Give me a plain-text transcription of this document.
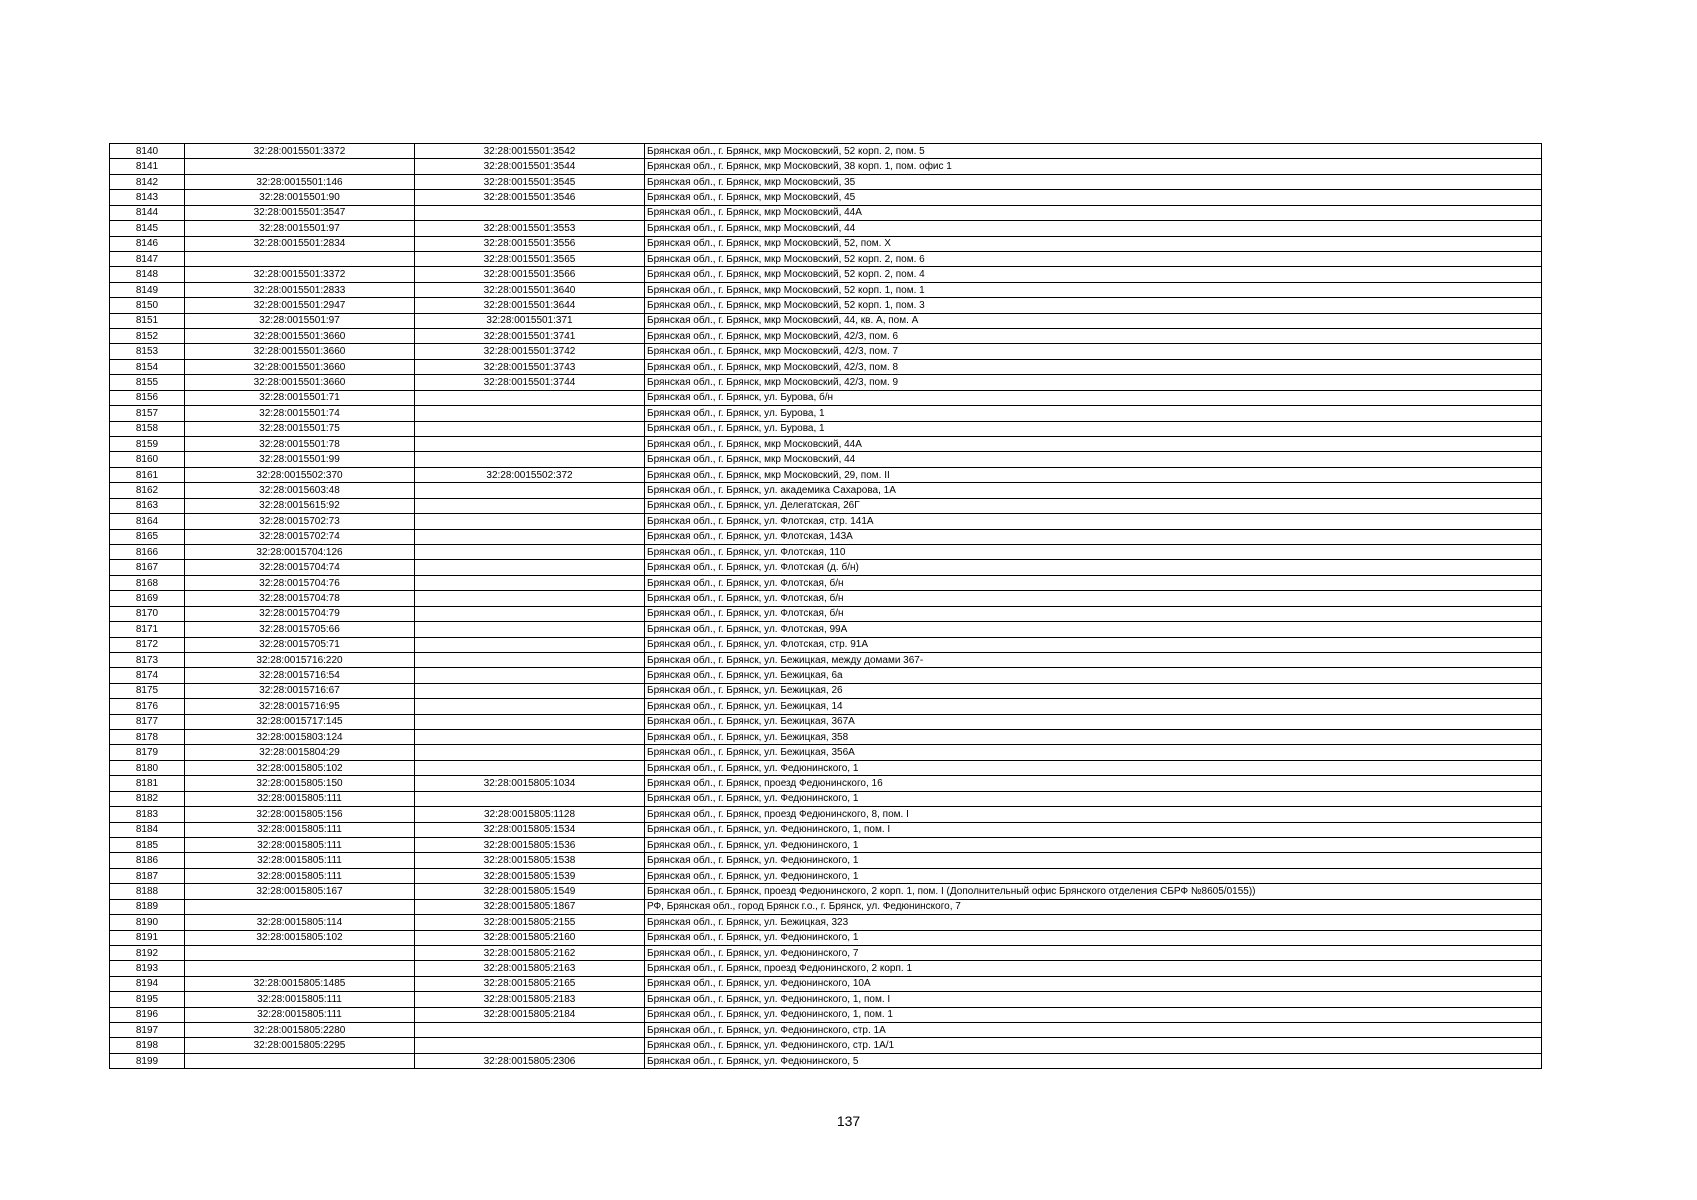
8140	32:28:0015501:3372	32:28:0015501:3542	Брянская обл., г. Брянск, мкр Московский, 52 корп. 2, пом. 5
8141		32:28:0015501:3544	Брянская обл., г. Брянск, мкр Московский, 38 корп. 1, пом. офис 1
8142	32:28:0015501:146	32:28:0015501:3545	Брянская обл., г. Брянск, мкр Московский, 35
8143	32:28:0015501:90	32:28:0015501:3546	Брянская обл., г. Брянск, мкр Московский, 45
8144	32:28:0015501:3547		Брянская обл., г. Брянск, мкр Московский, 44А
8145	32:28:0015501:97	32:28:0015501:3553	Брянская обл., г. Брянск, мкр Московский, 44
8146	32:28:0015501:2834	32:28:0015501:3556	Брянская обл., г. Брянск, мкр Московский, 52, пом. X
8147		32:28:0015501:3565	Брянская обл., г. Брянск, мкр Московский, 52 корп. 2, пом. 6
8148	32:28:0015501:3372	32:28:0015501:3566	Брянская обл., г. Брянск, мкр Московский, 52 корп. 2, пом. 4
8149	32:28:0015501:2833	32:28:0015501:3640	Брянская обл., г. Брянск, мкр Московский, 52 корп. 1, пом. 1
8150	32:28:0015501:2947	32:28:0015501:3644	Брянская обл., г. Брянск, мкр Московский, 52 корп. 1, пом. 3
8151	32:28:0015501:97	32:28:0015501:371	Брянская обл., г. Брянск, мкр Московский, 44, кв. А, пом. А
8152	32:28:0015501:3660	32:28:0015501:3741	Брянская обл., г. Брянск, мкр Московский, 42/3, пом. 6
8153	32:28:0015501:3660	32:28:0015501:3742	Брянская обл., г. Брянск, мкр Московский, 42/3, пом. 7
8154	32:28:0015501:3660	32:28:0015501:3743	Брянская обл., г. Брянск, мкр Московский, 42/3, пом. 8
8155	32:28:0015501:3660	32:28:0015501:3744	Брянская обл., г. Брянск, мкр Московский, 42/3, пом. 9
8156	32:28:0015501:71		Брянская обл., г. Брянск, ул. Бурова, б/н
8157	32:28:0015501:74		Брянская обл., г. Брянск, ул. Бурова, 1
8158	32:28:0015501:75		Брянская обл., г. Брянск, ул. Бурова, 1
8159	32:28:0015501:78		Брянская обл., г. Брянск, мкр Московский, 44А
8160	32:28:0015501:99		Брянская обл., г. Брянск, мкр Московский, 44
8161	32:28:0015502:370	32:28:0015502:372	Брянская обл., г. Брянск, мкр Московский, 29, пом. II
8162	32:28:0015603:48		Брянская обл., г. Брянск, ул. академика Сахарова, 1А
8163	32:28:0015615:92		Брянская обл., г. Брянск, ул. Делегатская, 26Г
8164	32:28:0015702:73		Брянская обл., г. Брянск, ул. Флотская, стр. 141А
8165	32:28:0015702:74		Брянская обл., г. Брянск, ул. Флотская, 143А
8166	32:28:0015704:126		Брянская обл., г. Брянск, ул. Флотская, 110
8167	32:28:0015704:74		Брянская обл., г. Брянск, ул. Флотская (д. б/н)
8168	32:28:0015704:76		Брянская обл., г. Брянск, ул. Флотская, б/н
8169	32:28:0015704:78		Брянская обл., г. Брянск, ул. Флотская, б/н
8170	32:28:0015704:79		Брянская обл., г. Брянск, ул. Флотская, б/н
8171	32:28:0015705:66		Брянская обл., г. Брянск, ул. Флотская, 99А
8172	32:28:0015705:71		Брянская обл., г. Брянск, ул. Флотская, стр. 91А
8173	32:28:0015716:220		Брянская обл., г. Брянск, ул. Бежицкая, между домами 367-
8174	32:28:0015716:54		Брянская обл., г. Брянск, ул. Бежицкая, 6а
8175	32:28:0015716:67		Брянская обл., г. Брянск, ул. Бежицкая, 26
8176	32:28:0015716:95		Брянская обл., г. Брянск, ул. Бежицкая, 14
8177	32:28:0015717:145		Брянская обл., г. Брянск, ул. Бежицкая, 367А
8178	32:28:0015803:124		Брянская обл., г. Брянск, ул. Бежицкая, 358
8179	32:28:0015804:29		Брянская обл., г. Брянск, ул. Бежицкая, 356А
8180	32:28:0015805:102		Брянская обл., г. Брянск, ул. Федюнинского, 1
8181	32:28:0015805:150	32:28:0015805:1034	Брянская обл., г. Брянск, проезд Федюнинского, 16
8182	32:28:0015805:111		Брянская обл., г. Брянск, ул. Федюнинского, 1
8183	32:28:0015805:156	32:28:0015805:1128	Брянская обл., г. Брянск, проезд Федюнинского, 8, пом. I
8184	32:28:0015805:111	32:28:0015805:1534	Брянская обл., г. Брянск, ул. Федюнинского, 1, пом. I
8185	32:28:0015805:111	32:28:0015805:1536	Брянская обл., г. Брянск, ул. Федюнинского, 1
8186	32:28:0015805:111	32:28:0015805:1538	Брянская обл., г. Брянск, ул. Федюнинского, 1
8187	32:28:0015805:111	32:28:0015805:1539	Брянская обл., г. Брянск, ул. Федюнинского, 1
8188	32:28:0015805:167	32:28:0015805:1549	Брянская обл., г. Брянск, проезд Федюнинского, 2 корп. 1, пом. I (Дополнительный офис Брянского отделения СБРФ №8605/0155))
8189		32:28:0015805:1867	РФ, Брянская обл., город Брянск г.о., г. Брянск, ул. Федюнинского, 7
8190	32:28:0015805:114	32:28:0015805:2155	Брянская обл., г. Брянск, ул. Бежицкая, 323
8191	32:28:0015805:102	32:28:0015805:2160	Брянская обл., г. Брянск, ул. Федюнинского, 1
8192		32:28:0015805:2162	Брянская обл., г. Брянск, ул. Федюнинского, 7
8193		32:28:0015805:2163	Брянская обл., г. Брянск, проезд Федюнинского, 2 корп. 1
8194	32:28:0015805:1485	32:28:0015805:2165	Брянская обл., г. Брянск, ул. Федюнинского, 10А
8195	32:28:0015805:111	32:28:0015805:2183	Брянская обл., г. Брянск, ул. Федюнинского, 1, пом. I
8196	32:28:0015805:111	32:28:0015805:2184	Брянская обл., г. Брянск, ул. Федюнинского, 1, пом. 1
8197	32:28:0015805:2280		Брянская обл., г. Брянск, ул. Федюнинского, стр. 1А
8198	32:28:0015805:2295		Брянская обл., г. Брянск, ул. Федюнинского, стр. 1А/1
8199		32:28:0015805:2306	Брянская обл., г. Брянск, ул. Федюнинского, 5
137
